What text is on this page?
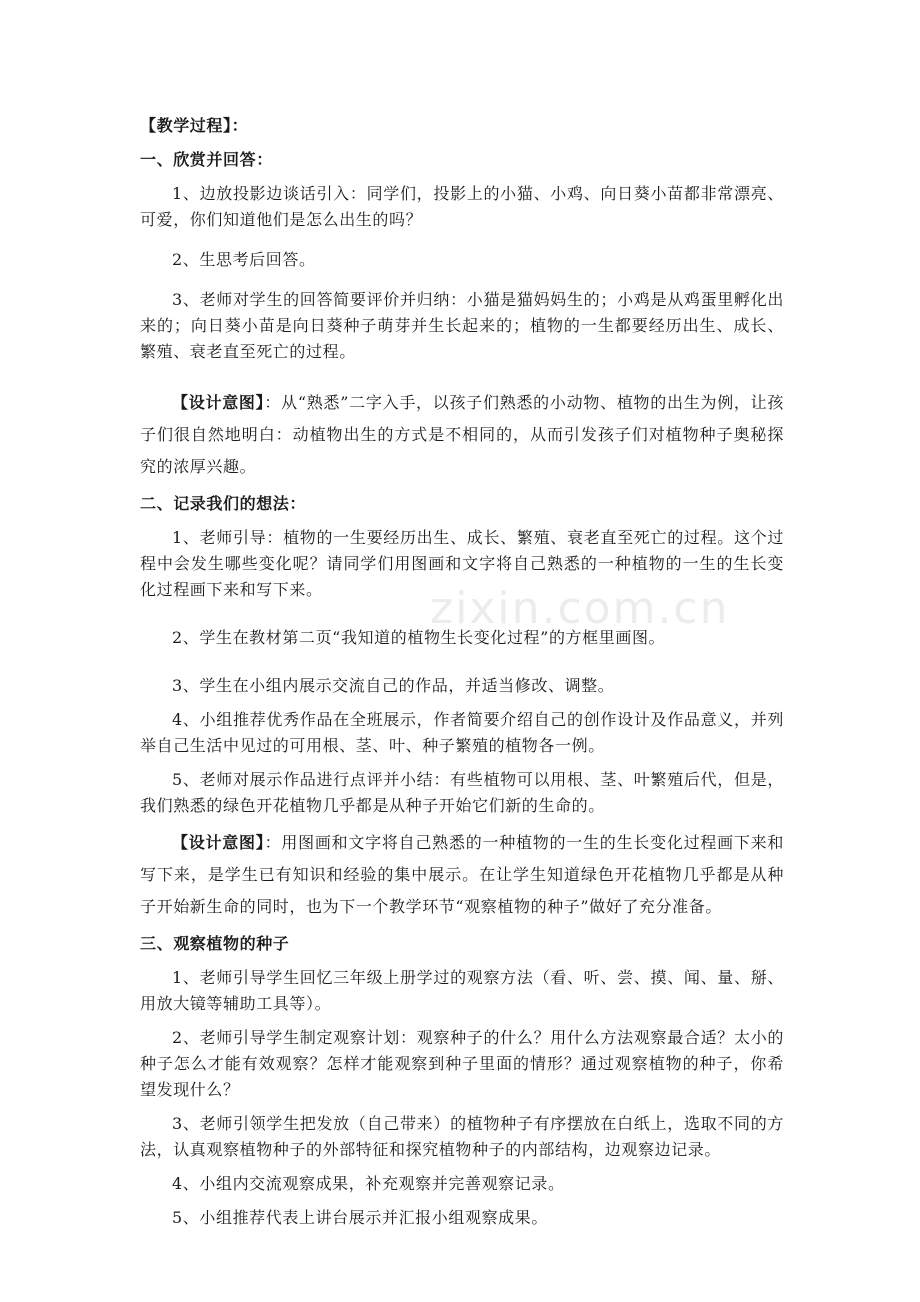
zixin.com.cn

【教学过程】：

一、欣赏并回答：

1、边放投影边谈话引入：同学们，投影上的小猫、小鸡、向日葵小苗都非常漂亮、可爱，你们知道他们是怎么出生的吗？

2、生思考后回答。

3、老师对学生的回答简要评价并归纳：小猫是猫妈妈生的；小鸡是从鸡蛋里孵化出来的；向日葵小苗是向日葵种子萌芽并生长起来的；植物的一生都要经历出生、成长、繁殖、衰老直至死亡的过程。

【设计意图】：从“熟悉”二字入手，以孩子们熟悉的小动物、植物的出生为例，让孩子们很自然地明白：动植物出生的方式是不相同的，从而引发孩子们对植物种子奥秘探究的浓厚兴趣。

二、记录我们的想法：

1、老师引导：植物的一生要经历出生、成长、繁殖、衰老直至死亡的过程。这个过程中会发生哪些变化呢？请同学们用图画和文字将自己熟悉的一种植物的一生的生长变化过程画下来和写下来。

2、学生在教材第二页“我知道的植物生长变化过程”的方框里画图。

3、学生在小组内展示交流自己的作品，并适当修改、调整。

4、小组推荐优秀作品在全班展示，作者简要介绍自己的创作设计及作品意义，并列举自己生活中见过的可用根、茎、叶、种子繁殖的植物各一例。

5、老师对展示作品进行点评并小结：有些植物可以用根、茎、叶繁殖后代，但是，我们熟悉的绿色开花植物几乎都是从种子开始它们新的生命的。

【设计意图】：用图画和文字将自己熟悉的一种植物的一生的生长变化过程画下来和写下来，是学生已有知识和经验的集中展示。在让学生知道绿色开花植物几乎都是从种子开始新生命的同时，也为下一个教学环节“观察植物的种子”做好了充分准备。

三、观察植物的种子

1、老师引导学生回忆三年级上册学过的观察方法（看、听、尝、摸、闻、量、掰、用放大镜等辅助工具等）。

2、老师引导学生制定观察计划：观察种子的什么？用什么方法观察最合适？太小的种子怎么才能有效观察？怎样才能观察到种子里面的情形？通过观察植物的种子，你希望发现什么？

3、老师引领学生把发放（自己带来）的植物种子有序摆放在白纸上，选取不同的方法，认真观察植物种子的外部特征和探究植物种子的内部结构，边观察边记录。

4、小组内交流观察成果，补充观察并完善观察记录。

5、小组推荐代表上讲台展示并汇报小组观察成果。
